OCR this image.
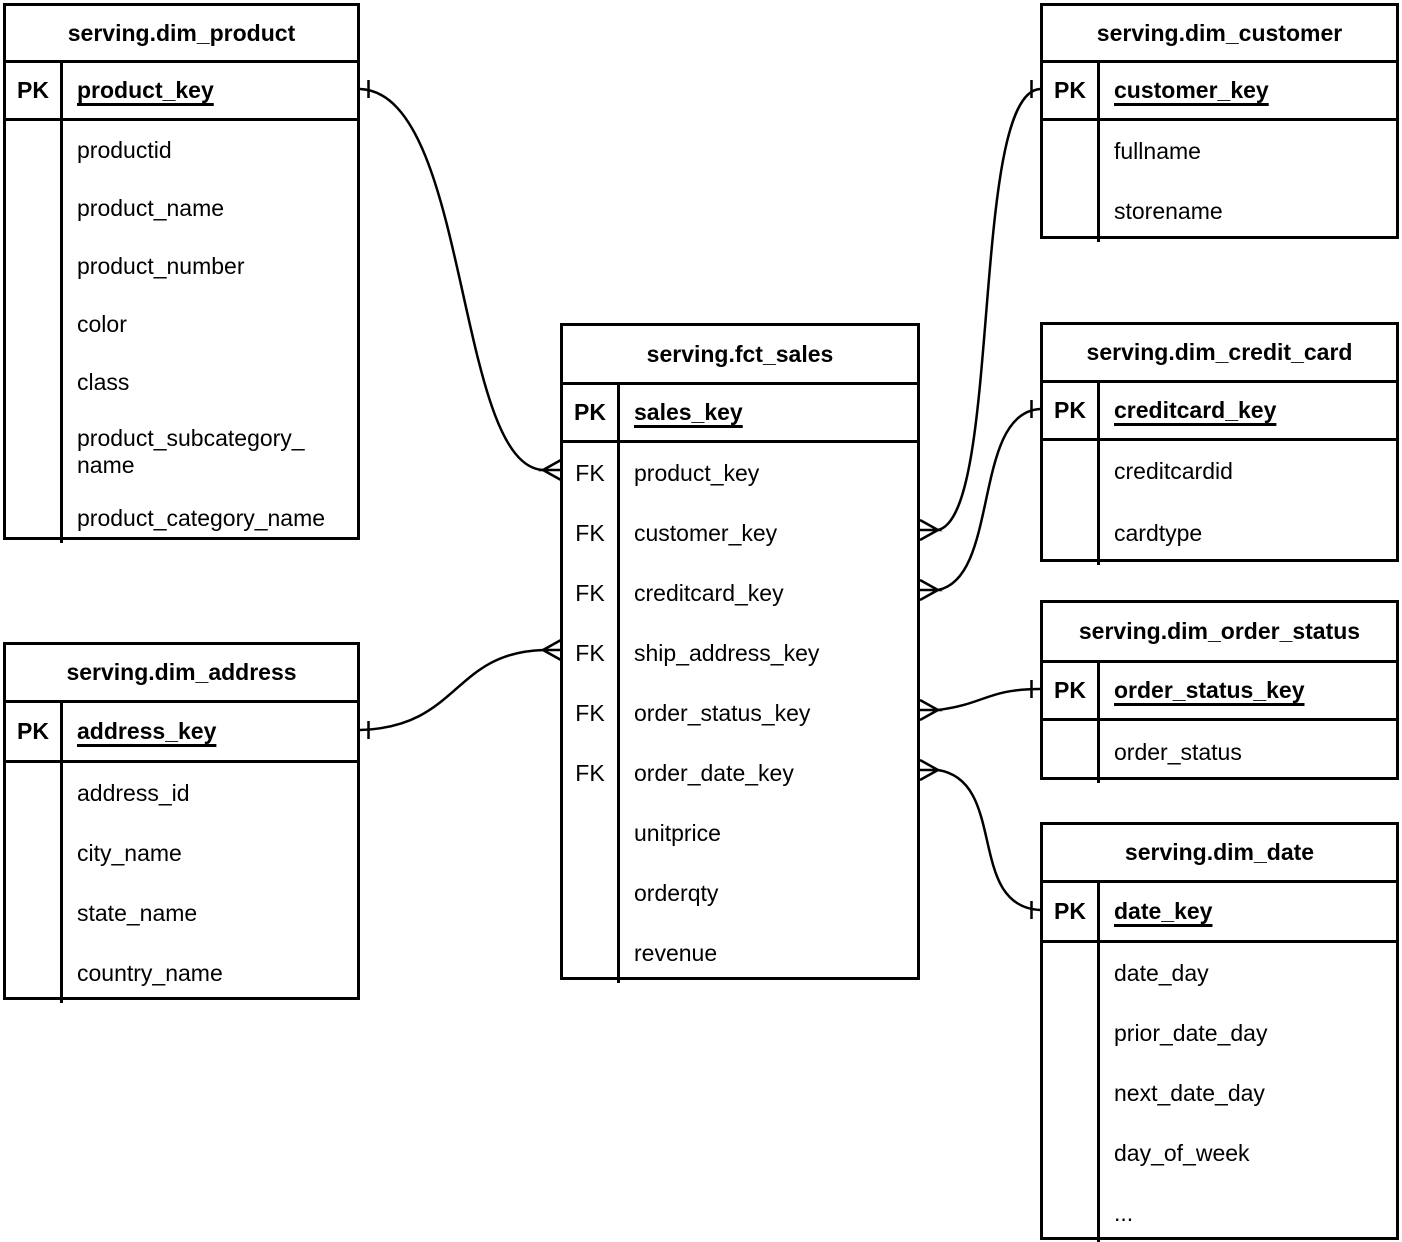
serving.dim_product
PK	product_key
productid
product_name
product_number
color
class
product_subcategory_name
product_category_name
serving.dim_address
PK	address_key
address_id
city_name
state_name
country_name
serving.fct_sales
PK	sales_key
FK	product_key
FK	customer_key
FK	creditcard_key
FK	ship_address_key
FK	order_status_key
FK	order_date_key
unitprice
orderqty
revenue
serving.dim_customer
PK	customer_key
fullname
storename
serving.dim_credit_card
PK	creditcard_key
creditcardid
cardtype
serving.dim_order_status
PK	order_status_key
order_status
serving.dim_date
PK	date_key
date_day
prior_date_day
next_date_day
day_of_week
...
